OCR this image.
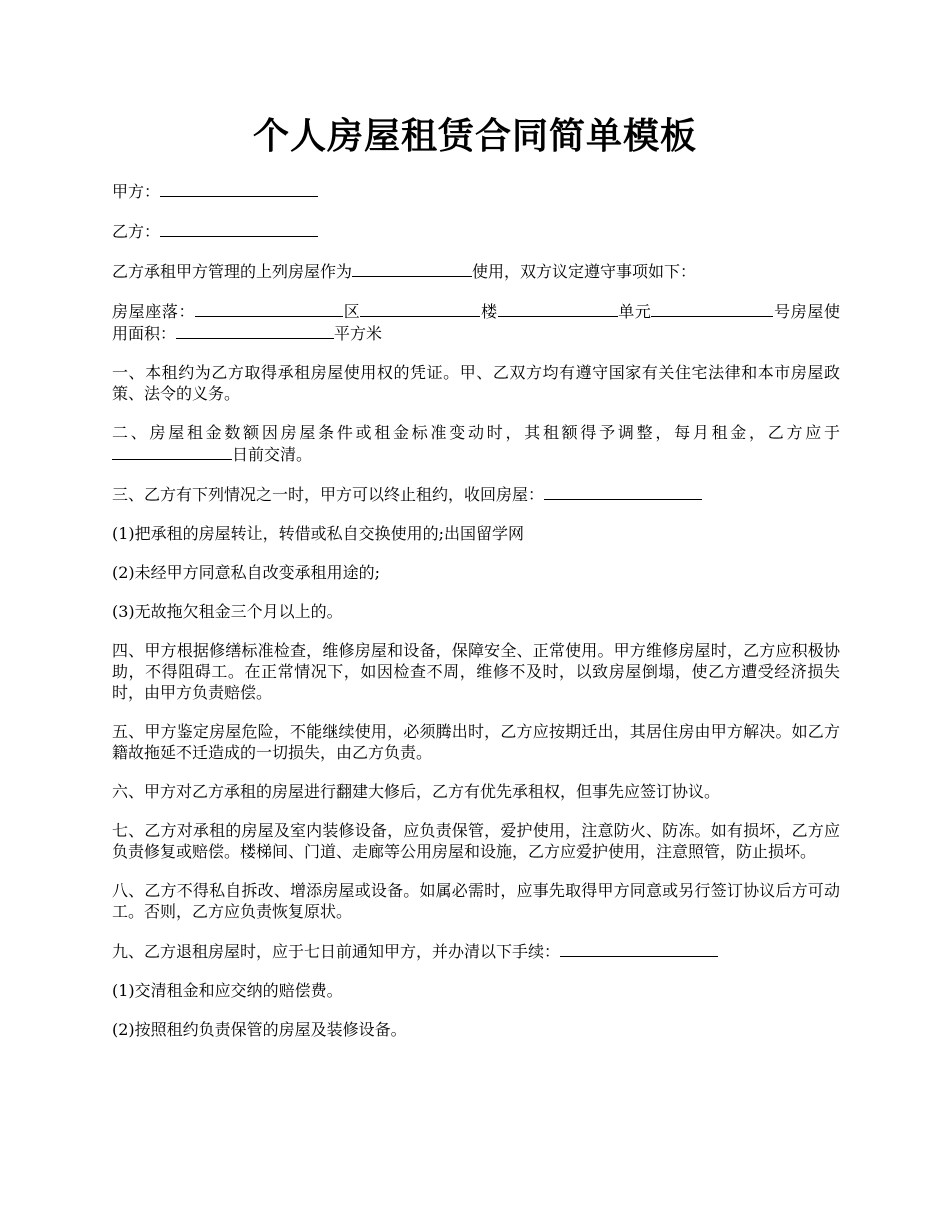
个人房屋租赁合同简单模板

甲方：

乙方：

乙方承租甲方管理的上列房屋作为	使用，双方议定遵守事项如下：

房屋座落：	区	楼	单元	号房屋使用面积：	平方米

一、本租约为乙方取得承租房屋使用权的凭证。甲、乙双方均有遵守国家有关住宅法律和本市房屋政策、法令的义务。

二、房屋租金数额因房屋条件或租金标准变动时，其租额得予调整，每月租金，乙方应于日前交清。

三、乙方有下列情况之一时，甲方可以终止租约，收回房屋：

(1)把承租的房屋转让，转借或私自交换使用的;出国留学网

(2)未经甲方同意私自改变承租用途的;

(3)无故拖欠租金三个月以上的。

四、甲方根据修缮标准检查，维修房屋和设备，保障安全、正常使用。甲方维修房屋时，乙方应积极协助，不得阻碍工。在正常情况下，如因检查不周，维修不及时，以致房屋倒塌，使乙方遭受经济损失时，由甲方负责赔偿。

五、甲方鉴定房屋危险，不能继续使用，必须腾出时，乙方应按期迁出，其居住房由甲方解决。如乙方籍故拖延不迁造成的一切损失，由乙方负责。

六、甲方对乙方承租的房屋进行翻建大修后，乙方有优先承租权，但事先应签订协议。

七、乙方对承租的房屋及室内装修设备，应负责保管，爱护使用，注意防火、防冻。如有损坏，乙方应负责修复或赔偿。楼梯间、门道、走廊等公用房屋和设施，乙方应爱护使用，注意照管，防止损坏。

八、乙方不得私自拆改、增添房屋或设备。如属必需时，应事先取得甲方同意或另行签订协议后方可动工。否则，乙方应负责恢复原状。

九、乙方退租房屋时，应于七日前通知甲方，并办清以下手续：

(1)交清租金和应交纳的赔偿费。

(2)按照租约负责保管的房屋及装修设备。
